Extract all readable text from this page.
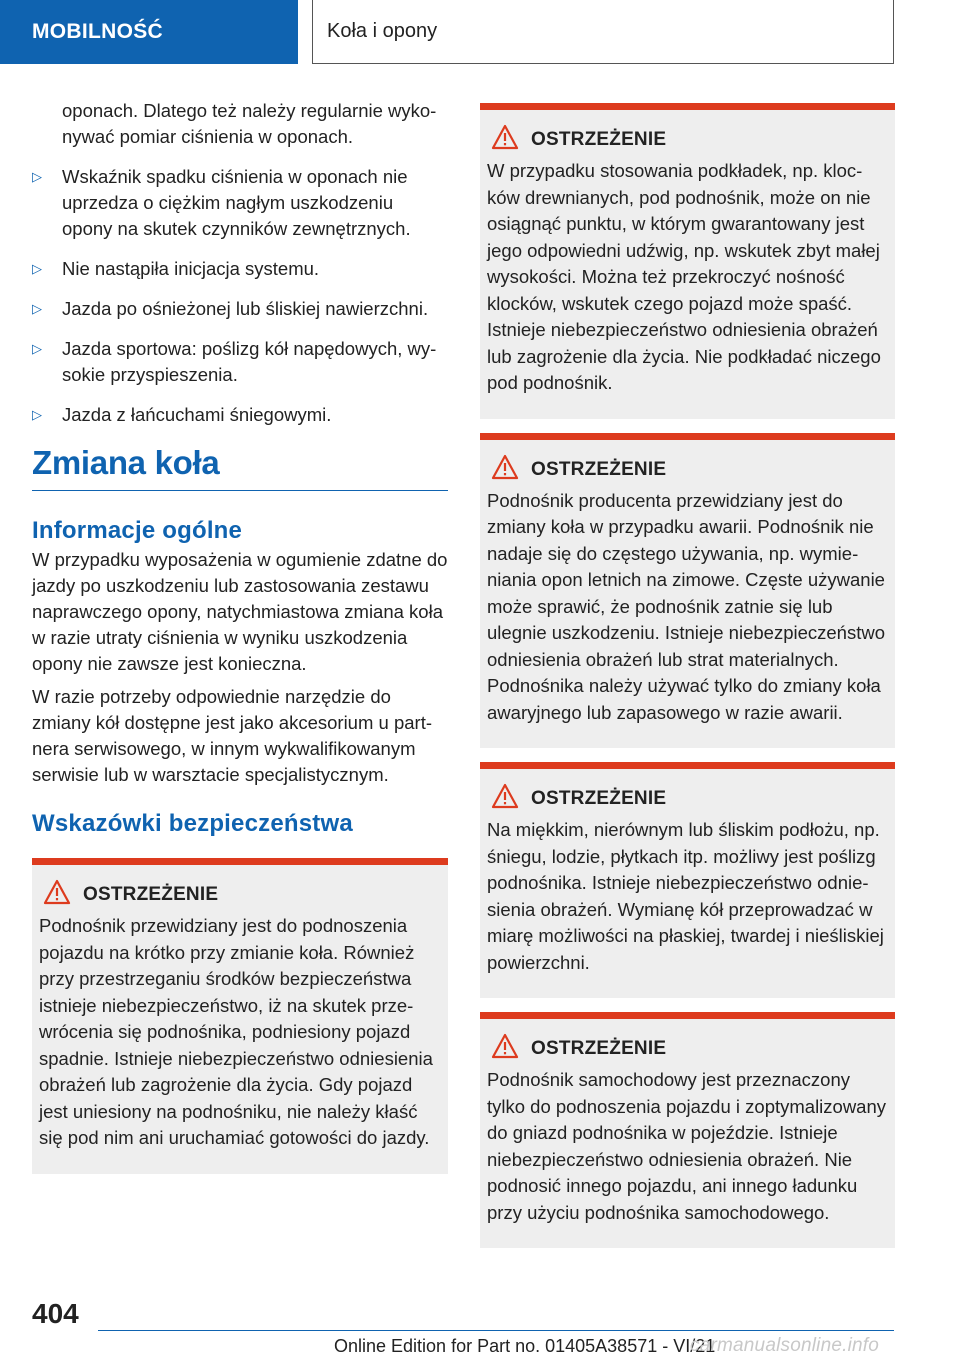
MOBILNOŚĆ	Koła i opony
oponach. Dlatego też należy regularnie wykonywać pomiar ciśnienia w oponach.
▷	Wskaźnik spadku ciśnienia w oponach nie uprzedza o ciężkim nagłym uszkodzeniu opony na skutek czynników zewnętrznych.
▷	Nie nastąpiła inicjacja systemu.
▷	Jazda po ośnieżonej lub śliskiej nawierzchni.
▷	Jazda sportowa: poślizg kół napędowych, wysokie przyspieszenia.
▷	Jazda z łańcuchami śniegowymi.
Zmiana koła
Informacje ogólne

W przypadku wyposażenia w ogumienie zdatne do jazdy po uszkodzeniu lub zastosowania zestawu naprawczego opony, natychmiastowa zmiana koła w razie utraty ciśnienia w wyniku uszkodzenia opony nie zawsze jest konieczna.

W razie potrzeby odpowiednie narzędzie do zmiany kół dostępne jest jako akcesorium u partnera serwisowego, w innym wykwalifikowanym serwisie lub w warsztacie specjalistycznym.

Wskazówki bezpieczeństwa
OSTRZEŻENIE

Podnośnik przewidziany jest do podnoszenia pojazdu na krótko przy zmianie koła. Również przy przestrzeganiu środków bezpieczeństwa istnieje niebezpieczeństwo, iż na skutek przewrócenia się podnośnika, podniesiony pojazd spadnie. Istnieje niebezpieczeństwo odniesienia obrażeń lub zagrożenie dla życia. Gdy pojazd jest uniesiony na podnośniku, nie należy kłaść się pod nim ani uruchamiać gotowości do jazdy.

OSTRZEŻENIE

W przypadku stosowania podkładek, np. klocków drewnianych, pod podnośnik, może on nie osiągnąć punktu, w którym gwarantowany jest jego odpowiedni udźwig, np. wskutek zbyt małej wysokości. Można też przekroczyć nośność klocków, wskutek czego pojazd może spaść. Istnieje niebezpieczeństwo odniesienia obrażeń lub zagrożenie dla życia. Nie podkładać niczego pod podnośnik.

OSTRZEŻENIE

Podnośnik producenta przewidziany jest do zmiany koła w przypadku awarii. Podnośnik nie nadaje się do częstego używania, np. wymieniania opon letnich na zimowe. Częste używanie może sprawić, że podnośnik zatnie się lub ulegnie uszkodzeniu. Istnieje niebezpieczeństwo odniesienia obrażeń lub strat materialnych. Podnośnika należy używać tylko do zmiany koła awaryjnego lub zapasowego w razie awarii.

OSTRZEŻENIE

Na miękkim, nierównym lub śliskim podłożu, np. śniegu, lodzie, płytkach itp. możliwy jest poślizg podnośnika. Istnieje niebezpieczeństwo odniesienia obrażeń. Wymianę kół przeprowadzać w miarę możliwości na płaskiej, twardej i nieśliskiej powierzchni.

OSTRZEŻENIE

Podnośnik samochodowy jest przeznaczony tylko do podnoszenia pojazdu i zoptymalizowany do gniazd podnośnika w pojeździe. Istnieje niebezpieczeństwo odniesienia obrażeń. Nie podnosić innego pojazdu, ani innego ładunku przy użyciu podnośnika samochodowego.

404
Online Edition for Part no. 01405A38571 - VI/21
carmanualsonline.info
